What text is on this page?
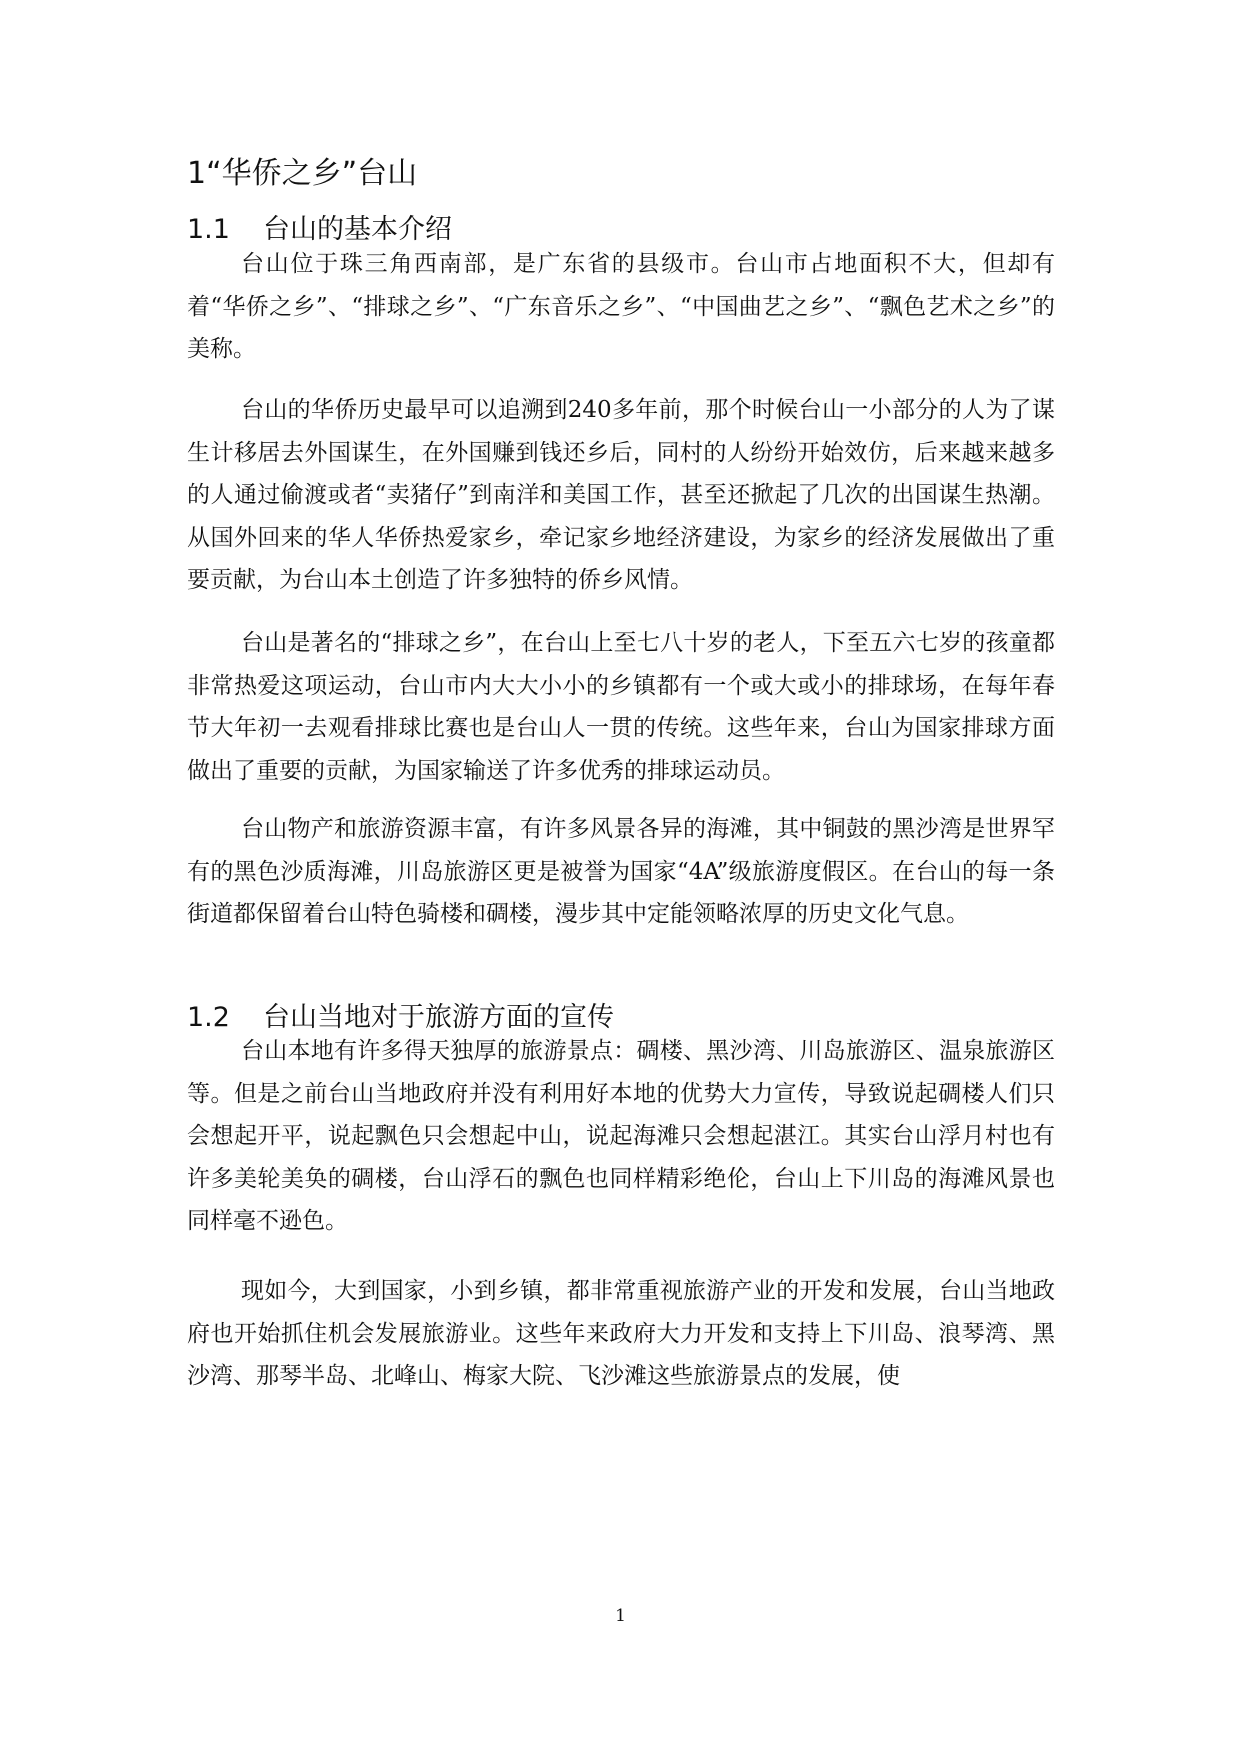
1“华侨之乡”台山
1.1 台山的基本介绍

台山位于珠三角西南部，是广东省的县级市。台山市占地面积不大，但却有着“华侨之乡”、“排球之乡”、“广东音乐之乡”、“中国曲艺之乡”、“飘色艺术之乡”的美称。

台山的华侨历史最早可以追溯到240多年前，那个时候台山一小部分的人为了谋生计移居去外国谋生，在外国赚到钱还乡后，同村的人纷纷开始效仿，后来越来越多的人通过偷渡或者“卖猪仔”到南洋和美国工作，甚至还掀起了几次的出国谋生热潮。从国外回来的华人华侨热爱家乡，牵记家乡地经济建设，为家乡的经济发展做出了重要贡献，为台山本土创造了许多独特的侨乡风情。

台山是著名的“排球之乡”，在台山上至七八十岁的老人，下至五六七岁的孩童都非常热爱这项运动，台山市内大大小小的乡镇都有一个或大或小的排球场，在每年春节大年初一去观看排球比赛也是台山人一贯的传统。这些年来，台山为国家排球方面做出了重要的贡献，为国家输送了许多优秀的排球运动员。

台山物产和旅游资源丰富，有许多风景各异的海滩，其中铜鼓的黑沙湾是世界罕有的黑色沙质海滩，川岛旅游区更是被誉为国家“4A”级旅游度假区。在台山的每一条街道都保留着台山特色骑楼和碉楼，漫步其中定能领略浓厚的历史文化气息。

1.2 台山当地对于旅游方面的宣传

台山本地有许多得天独厚的旅游景点：碉楼、黑沙湾、川岛旅游区、温泉旅游区等。但是之前台山当地政府并没有利用好本地的优势大力宣传，导致说起碉楼人们只会想起开平，说起飘色只会想起中山，说起海滩只会想起湛江。其实台山浮月村也有许多美轮美奂的碉楼，台山浮石的飘色也同样精彩绝伦，台山上下川岛的海滩风景也同样毫不逊色。

现如今，大到国家，小到乡镇，都非常重视旅游产业的开发和发展，台山当地政府也开始抓住机会发展旅游业。这些年来政府大力开发和支持上下川岛、浪琴湾、黑沙湾、那琴半岛、北峰山、梅家大院、飞沙滩这些旅游景点的发展，使

1
